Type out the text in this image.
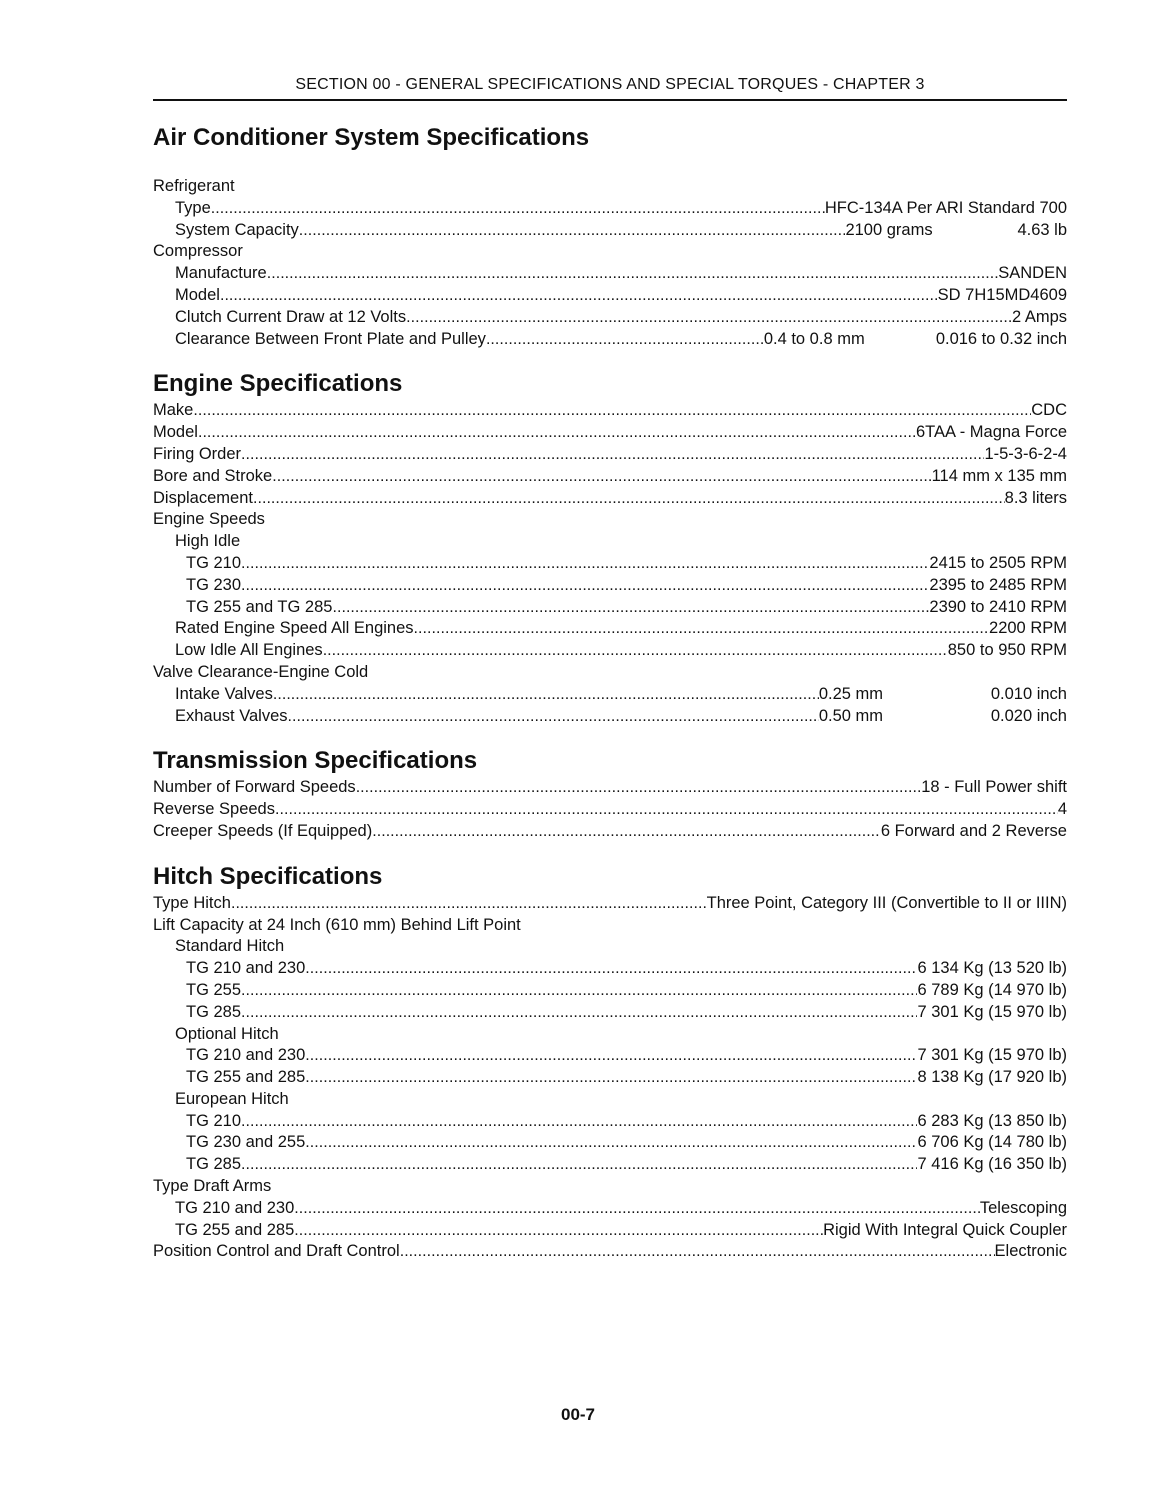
SECTION 00 - GENERAL SPECIFICATIONS AND SPECIAL TORQUES - CHAPTER 3
Air Conditioner System Specifications
Refrigerant
Type . . .	HFC-134A Per ARI Standard 700
System Capacity . . .	2100 grams	4.63 lb
Compressor
Manufacture . . .	SANDEN
Model . . .	SD 7H15MD4609
Clutch Current Draw at 12 Volts . . .	2 Amps
Clearance Between Front Plate and Pulley . . .	0.4 to 0.8 mm	0.016 to 0.32 inch
Engine Specifications
Make . . .	CDC
Model . . .	6TAA - Magna Force
Firing Order . . .	1-5-3-6-2-4
Bore and Stroke . . .	114 mm x 135 mm
Displacement . . .	8.3 liters
Engine Speeds
High Idle
TG 210 . . .	2415 to 2505 RPM
TG 230 . . .	2395 to 2485 RPM
TG 255 and TG 285 . . .	2390 to 2410 RPM
Rated Engine Speed All Engines . . .	2200 RPM
Low Idle All Engines . . .	850 to 950 RPM
Valve Clearance-Engine Cold
Intake Valves . . .	0.25 mm	0.010 inch
Exhaust Valves . . .	0.50 mm	0.020 inch
Transmission Specifications
Number of Forward Speeds . . .	18 - Full Power shift
Reverse Speeds . . .	4
Creeper Speeds (If Equipped) . . .	6 Forward and 2 Reverse
Hitch Specifications
Type Hitch . . .	Three Point, Category III (Convertible to II or IIIN)
Lift Capacity at 24 Inch (610 mm) Behind Lift Point
Standard Hitch
TG 210 and 230 . . .	6 134 Kg (13 520 lb)
TG 255 . . .	6 789 Kg (14 970 lb)
TG 285 . . .	7 301 Kg (15 970 lb)
Optional Hitch
TG 210 and 230 . . .	7 301 Kg (15 970 lb)
TG 255 and 285 . . .	8 138 Kg (17 920 lb)
European Hitch
TG 210 . . .	6 283 Kg (13 850 lb)
TG 230 and 255 . . .	6 706 Kg (14 780 lb)
TG 285 . . .	7 416 Kg (16 350 lb)
Type Draft Arms
TG 210 and 230 . . .	Telescoping
TG 255 and 285 . . .	Rigid With Integral Quick Coupler
Position Control and Draft Control . . .	Electronic
00-7
